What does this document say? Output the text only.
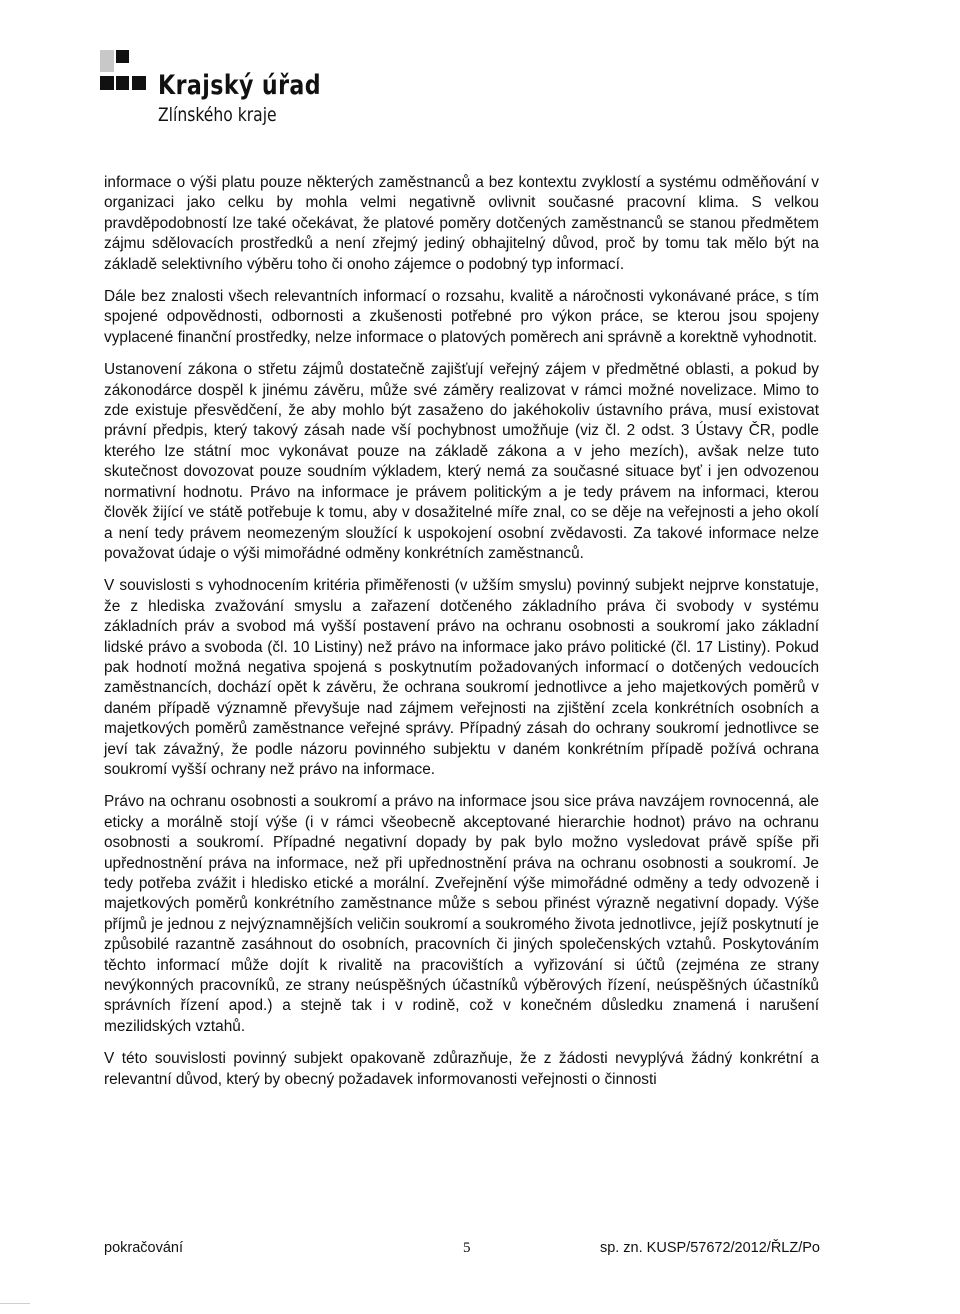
Krajský úřad
Zlínského kraje

informace o výši platu pouze některých zaměstnanců a bez kontextu zvyklostí a systému odměňování v organizaci jako celku by mohla velmi negativně ovlivnit současné pracovní klima. S velkou pravděpodobností lze také očekávat, že platové poměry dotčených zaměstnanců se stanou předmětem zájmu sdělovacích prostředků a není zřejmý jediný obhajitelný důvod, proč by tomu tak mělo být na základě selektivního výběru toho či onoho zájemce o podobný typ informací.

Dále bez znalosti všech relevantních informací o rozsahu, kvalitě a náročnosti vykonávané práce, s tím spojené odpovědnosti, odbornosti a zkušenosti potřebné pro výkon práce, se kterou jsou spojeny vyplacené finanční prostředky, nelze informace o platových poměrech ani správně a korektně vyhodnotit.

Ustanovení zákona o střetu zájmů dostatečně zajišťují veřejný zájem v předmětné oblasti, a pokud by zákonodárce dospěl k jinému závěru, může své záměry realizovat v rámci možné novelizace. Mimo to zde existuje přesvědčení, že aby mohlo být zasaženo do jakéhokoliv ústavního práva, musí existovat právní předpis, který takový zásah nade vší pochybnost umožňuje (viz čl. 2 odst. 3 Ústavy ČR, podle kterého lze státní moc vykonávat pouze na základě zákona a v jeho mezích), avšak nelze tuto skutečnost dovozovat pouze soudním výkladem, který nemá za současné situace byť i jen odvozenou normativní hodnotu. Právo na informace je právem politickým a je tedy právem na informaci, kterou člověk žijící ve státě potřebuje k tomu, aby v dosažitelné míře znal, co se děje na veřejnosti a jeho okolí a není tedy právem neomezeným sloužící k uspokojení osobní zvědavosti. Za takové informace nelze považovat údaje o výši mimořádné odměny konkrétních zaměstnanců.

V souvislosti s vyhodnocením kritéria přiměřenosti (v užším smyslu) povinný subjekt nejprve konstatuje, že z hlediska zvažování smyslu a zařazení dotčeného základního práva či svobody v systému základních práv a svobod má vyšší postavení právo na ochranu osobnosti a soukromí jako základní lidské právo a svoboda (čl. 10 Listiny) než právo na informace jako právo politické (čl. 17 Listiny). Pokud pak hodnotí možná negativa spojená s poskytnutím požadovaných informací o dotčených vedoucích zaměstnancích, dochází opět k závěru, že ochrana soukromí jednotlivce a jeho majetkových poměrů v daném případě významně převyšuje nad zájmem veřejnosti na zjištění zcela konkrétních osobních a majetkových poměrů zaměstnance veřejné správy. Případný zásah do ochrany soukromí jednotlivce se jeví tak závažný, že podle názoru povinného subjektu v daném konkrétním případě požívá ochrana soukromí vyšší ochrany než právo na informace.

Právo na ochranu osobnosti a soukromí a právo na informace jsou sice práva navzájem rovnocenná, ale eticky a morálně stojí výše (i v rámci všeobecně akceptované hierarchie hodnot) právo na ochranu osobnosti a soukromí. Případné negativní dopady by pak bylo možno vysledovat právě spíše při upřednostnění práva na informace, než při upřednostnění práva na ochranu osobnosti a soukromí. Je tedy potřeba zvážit i hledisko etické a morální. Zveřejnění výše mimořádné odměny a tedy odvozeně i majetkových poměrů konkrétního zaměstnance může s sebou přinést výrazně negativní dopady. Výše příjmů je jednou z nejvýznamnějších veličin soukromí a soukromého života jednotlivce, jejíž poskytnutí je způsobilé razantně zasáhnout do osobních, pracovních či jiných společenských vztahů. Poskytováním těchto informací může dojít k rivalitě na pracovištích a vyřizování si účtů (zejména ze strany nevýkonných pracovníků, ze strany neúspěšných účastníků výběrových řízení, neúspěšných účastníků správních řízení apod.) a stejně tak i v rodině, což v konečném důsledku znamená i narušení mezilidských vztahů.

V této souvislosti povinný subjekt opakovaně zdůrazňuje, že z žádosti nevyplývá žádný konkrétní a relevantní důvod, který by obecný požadavek informovanosti veřejnosti o činnosti

pokračování	5	sp. zn. KUSP/57672/2012/ŘLZ/Po
